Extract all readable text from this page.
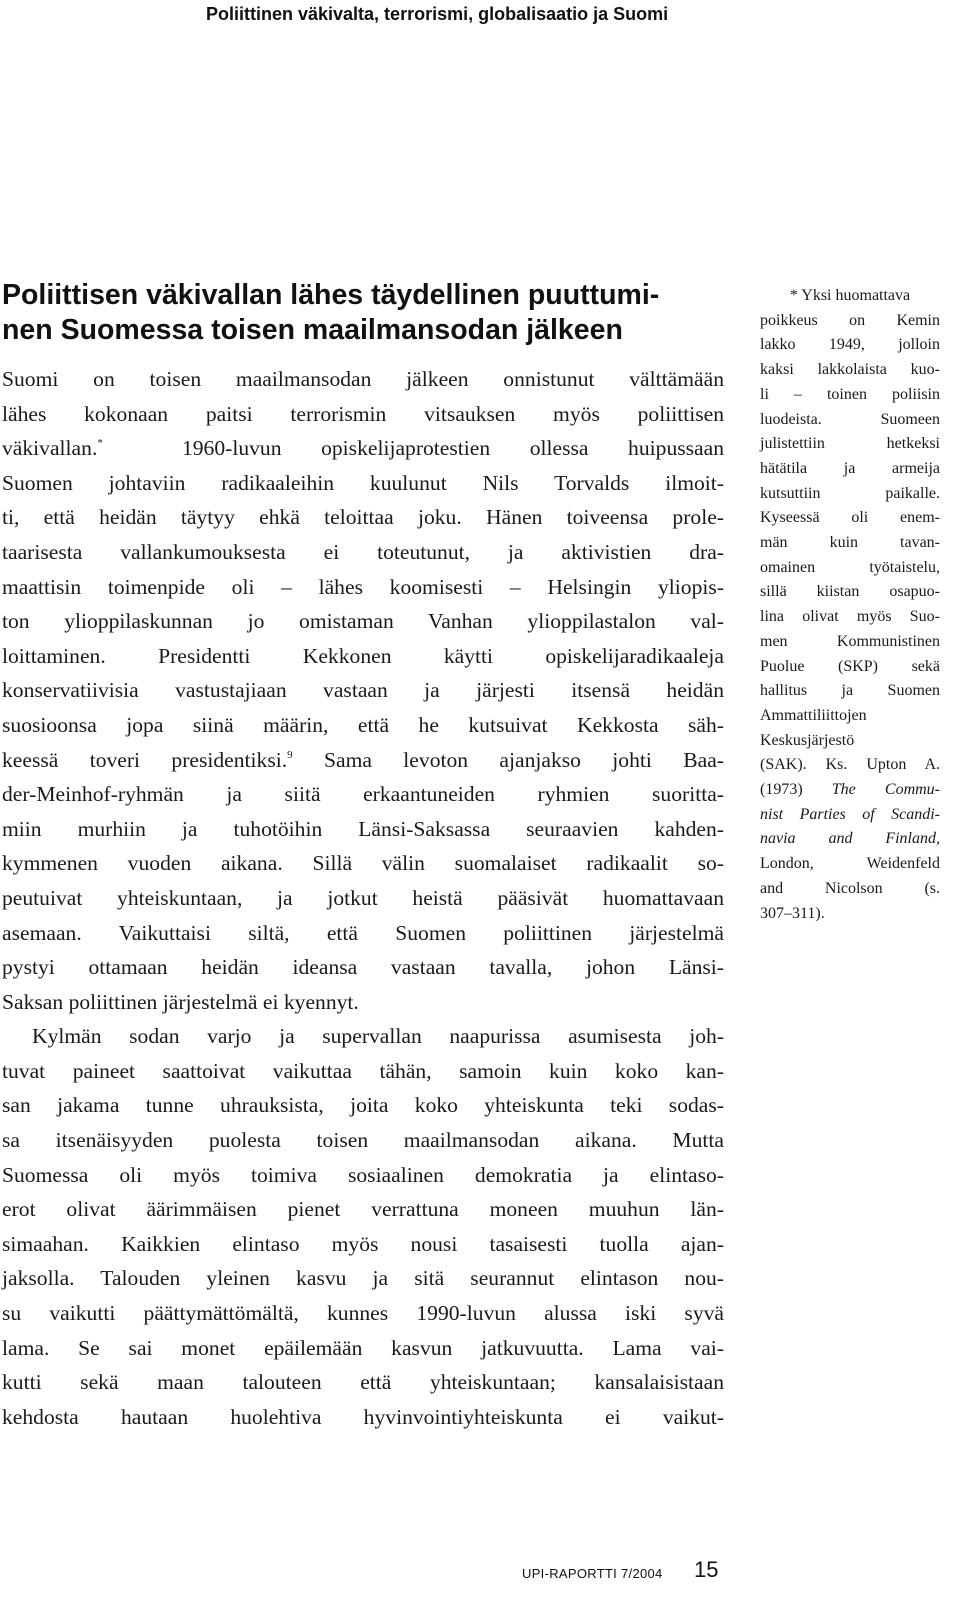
Poliittinen väkivalta, terrorismi, globalisaatio ja Suomi
Poliittisen väkivallan lähes täydellinen puuttumi-
nen Suomessa toisen maailmansodan jälkeen
Suomi on toisen maailmansodan jälkeen onnistunut välttämään
lähes kokonaan paitsi terrorismin vitsauksen myös poliittisen
väkivallan.*	1960-luvun opiskelijaprotestien ollessa huipussaan
Suomen johtaviin radikaaleihin kuulunut Nils Torvalds ilmoit-
ti, että heidän täytyy ehkä teloittaa joku. Hänen toiveensa prole-
taarisesta vallankumouksesta ei toteutunut, ja aktivistien dra-
maattisin toimenpide oli – lähes koomisesti – Helsingin yliopis-
ton ylioppilaskunnan jo omistaman Vanhan ylioppilastalon val-
loittaminen. Presidentti Kekkonen käytti opiskelijaradikaaleja
konservatiivisia vastustajiaan vastaan ja järjesti itsensä heidän
suosioonsa jopa siinä määrin, että he kutsuivat Kekkosta säh-
keessä toveri presidentiksi.$^9$ Sama levoton ajanjakso johti Baa-
der-Meinhof-ryhmän ja siitä erkaantuneiden ryhmien suoritta-
miin murhiin ja tuhotöihin Länsi-Saksassa seuraavien kahden-
kymmenen vuoden aikana. Sillä välin suomalaiset radikaalit so-
peutuivat yhteiskuntaan, ja jotkut heistä pääsivät huomattavaan
asemaan. Vaikuttaisi siltä, että Suomen poliittinen järjestelmä
pystyi ottamaan heidän ideansa vastaan tavalla, johon Länsi-
Saksan poliittinen järjestelmä ei kyennyt.
Kylmän sodan varjo ja supervallan naapurissa asumisesta joh-
tuvat paineet saattoivat vaikuttaa tähän, samoin kuin koko kan-
san jakama tunne uhrauksista, joita koko yhteiskunta teki sodas-
sa itsenäisyyden puolesta toisen maailmansodan aikana. Mutta
Suomessa oli myös toimiva sosiaalinen demokratia ja elintaso-
erot olivat äärimmäisen pienet verrattuna moneen muuhun län-
simaahan. Kaikkien elintaso myös nousi tasaisesti tuolla ajan-
jaksolla. Talouden yleinen kasvu ja sitä seurannut elintason nou-
su vaikutti päättymättömältä, kunnes 1990-luvun alussa iski syvä
lama. Se sai monet epäilemään kasvun jatkuvuutta. Lama vai-
kutti sekä maan talouteen että yhteiskuntaan; kansalaisistaan
kehdosta hautaan huolehtiva hyvinvointiyhteiskunta ei vaikut-
* Yksi huomattava
poikkeus on Kemin
lakko 1949, jolloin
kaksi lakkolaista kuo-
li – toinen poliisin
luodeista. Suomeen
julistettiin hetkeksi
hätätila ja armeija
kutsuttiin paikalle.
Kyseessä oli enem-
män kuin tavan-
omainen työtaistelu,
sillä kiistan osapuo-
lina olivat myös Suo-
men Kommunistinen
Puolue (SKP) sekä
hallitus ja Suomen
Ammattiliittojen
Keskusjärjestö
(SAK). Ks. Upton A.
(1973) The Commu-
nist Parties of Scandi-
navia and Finland,
London, Weidenfeld
and Nicolson (s.
307–311).
UPI-RAPORTTI 7/2004 15
